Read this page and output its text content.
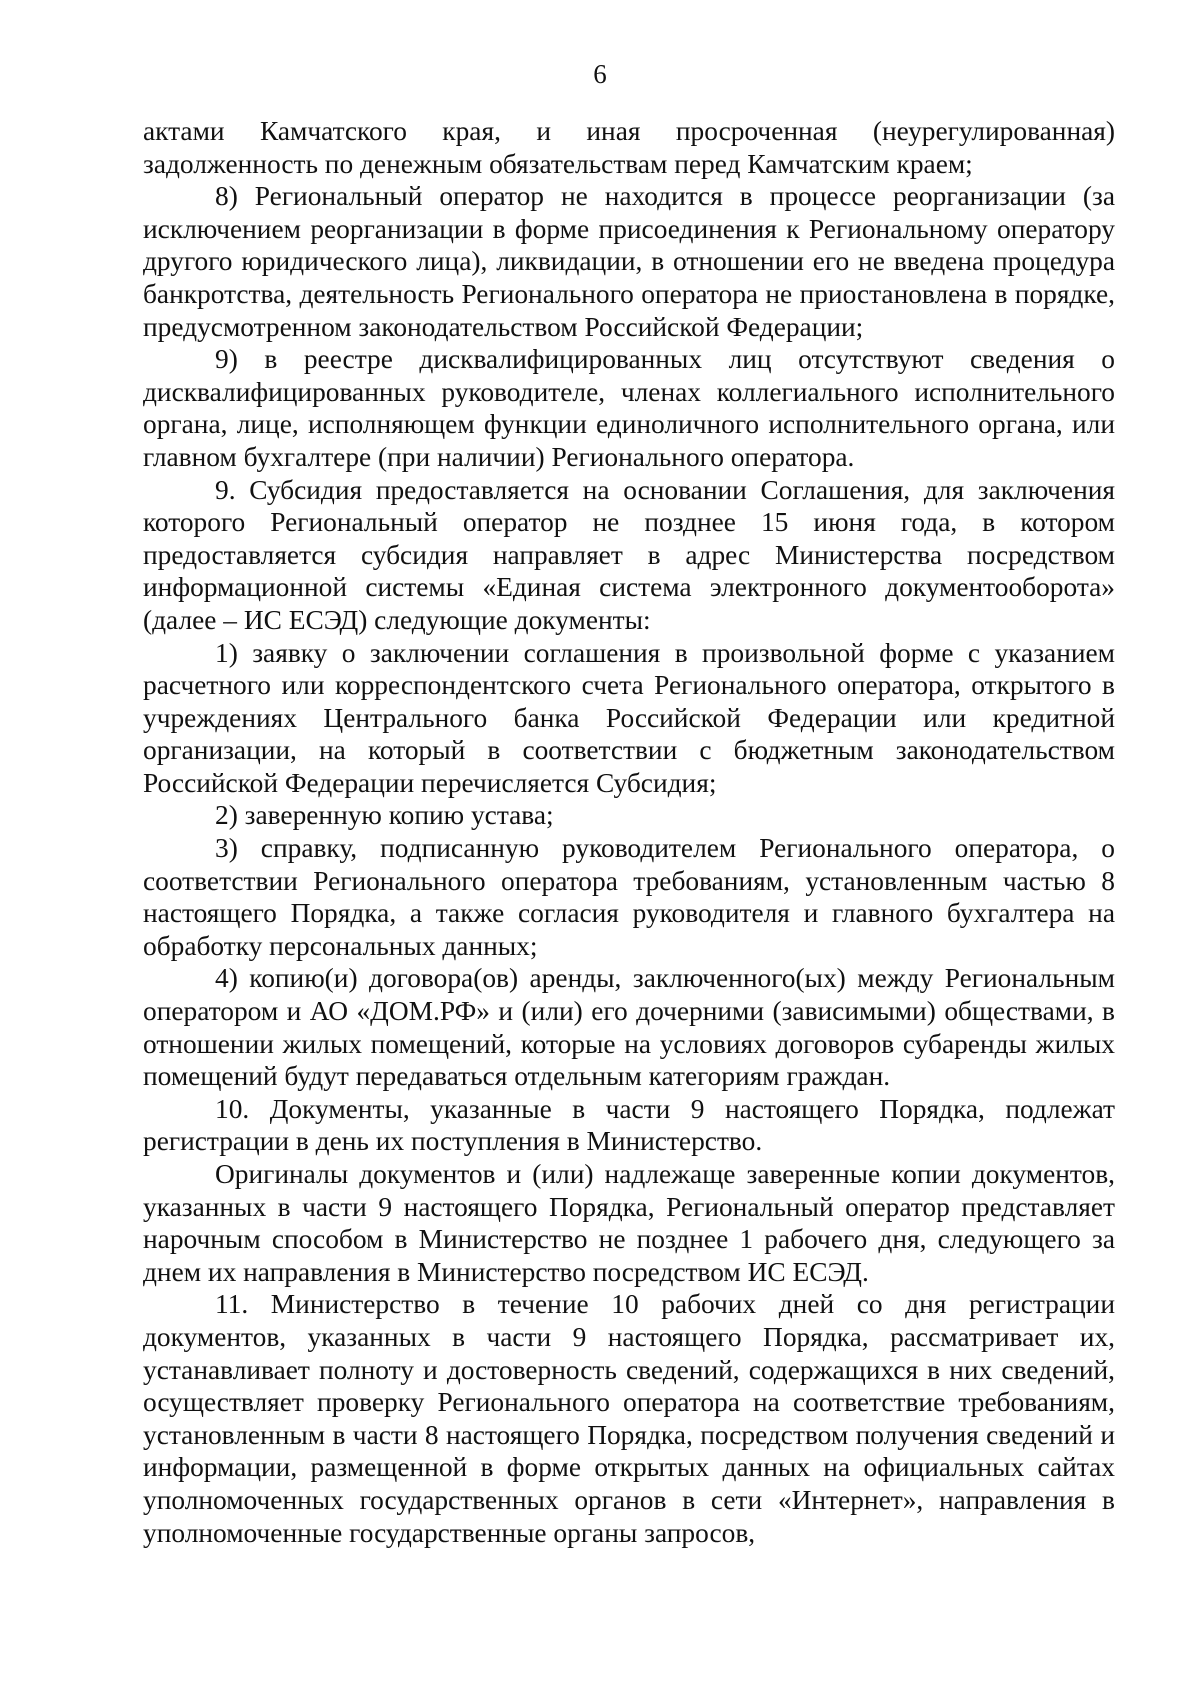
6

актами Камчатского края, и иная просроченная (неурегулированная) задолженность по денежным обязательствам перед Камчатским краем;

8) Региональный оператор не находится в процессе реорганизации (за исключением реорганизации в форме присоединения к Региональному оператору другого юридического лица), ликвидации, в отношении его не введена процедура банкротства, деятельность Регионального оператора не приостановлена в порядке, предусмотренном законодательством Российской Федерации;

9) в реестре дисквалифицированных лиц отсутствуют сведения о дисквалифицированных руководителе, членах коллегиального исполнительного органа, лице, исполняющем функции единоличного исполнительного органа, или главном бухгалтере (при наличии) Регионального оператора.

9. Субсидия предоставляется на основании Соглашения, для заключения которого Региональный оператор не позднее 15 июня года, в котором предоставляется субсидия направляет в адрес Министерства посредством информационной системы «Единая система электронного документооборота» (далее – ИС ЕСЭД) следующие документы:

1) заявку о заключении соглашения в произвольной форме с указанием расчетного или корреспондентского счета Регионального оператора, открытого в учреждениях Центрального банка Российской Федерации или кредитной организации, на который в соответствии с бюджетным законодательством Российской Федерации перечисляется Субсидия;

2) заверенную копию устава;

3) справку, подписанную руководителем Регионального оператора, о соответствии Регионального оператора требованиям, установленным частью 8 настоящего Порядка, а также согласия руководителя и главного бухгалтера на обработку персональных данных;

4) копию(и) договора(ов) аренды, заключенного(ых) между Региональным оператором и АО «ДОМ.РФ» и (или) его дочерними (зависимыми) обществами, в отношении жилых помещений, которые на условиях договоров субаренды жилых помещений будут передаваться отдельным категориям граждан.

10. Документы, указанные в части 9 настоящего Порядка, подлежат регистрации в день их поступления в Министерство.

Оригиналы документов и (или) надлежаще заверенные копии документов, указанных в части 9 настоящего Порядка, Региональный оператор представляет нарочным способом в Министерство не позднее 1 рабочего дня, следующего за днем их направления в Министерство посредством ИС ЕСЭД.

11. Министерство в течение 10 рабочих дней со дня регистрации документов, указанных в части 9 настоящего Порядка, рассматривает их, устанавливает полноту и достоверность сведений, содержащихся в них сведений, осуществляет проверку Регионального оператора на соответствие требованиям, установленным в части 8 настоящего Порядка, посредством получения сведений и информации, размещенной в форме открытых данных на официальных сайтах уполномоченных государственных органов в сети «Интернет», направления в уполномоченные государственные органы запросов,
